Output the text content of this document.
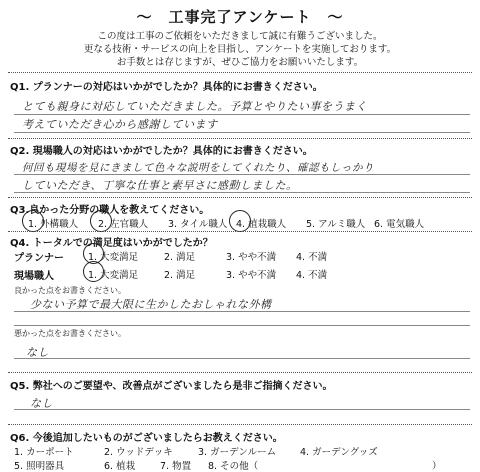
～　工事完了アンケート　～
この度は工事のご依頼をいただきまして誠に有難うございました。
更なる技術・サービスの向上を目指し、アンケートを実施しております。
お手数とは存じますが、ぜひご協力をお願いいたします。
Q1. プランナーの対応はいかがでしたか？具体的にお書きください。
とても親身に対応していただきました。予算とやりたい事をうまく
考えていただき心から感謝しています
Q2. 現場職人の対応はいかがでしたか？具体的にお書きください。
何回も現場を見にきまして色々な説明をしてくれたり、確認もしっかり
していただき、丁寧な仕事と素早さに感動しました。
Q3.良かった分野の職人を教えてください。
1. 外構職人 2. 左官職人 3. タイル職人 4. 植栽職人 5. アルミ職人 6. 電気職人
Q4. トータルでの満足度はいかがでしたか？
プランナー	1. 大変満足	2. 満足	3. やや不満 4. 不満
現場職人	1. 大変満足	2. 満足	3. やや不満 4. 不満
良かった点をお書きください。
少ない予算で最大限に生かしたおしゃれな外構
悪かった点をお書きください。
なし
Q5. 弊社へのご要望や、改善点がございましたら是非ご指摘ください。
なし
Q6. 今後追加したいものがございましたらお教えください。
1. カーポート	2. ウッドデッキ	3. ガーデンルーム	4. ガーデングッズ
5. 照明器具	6. 植栽	7. 物置 8. その他（	）
